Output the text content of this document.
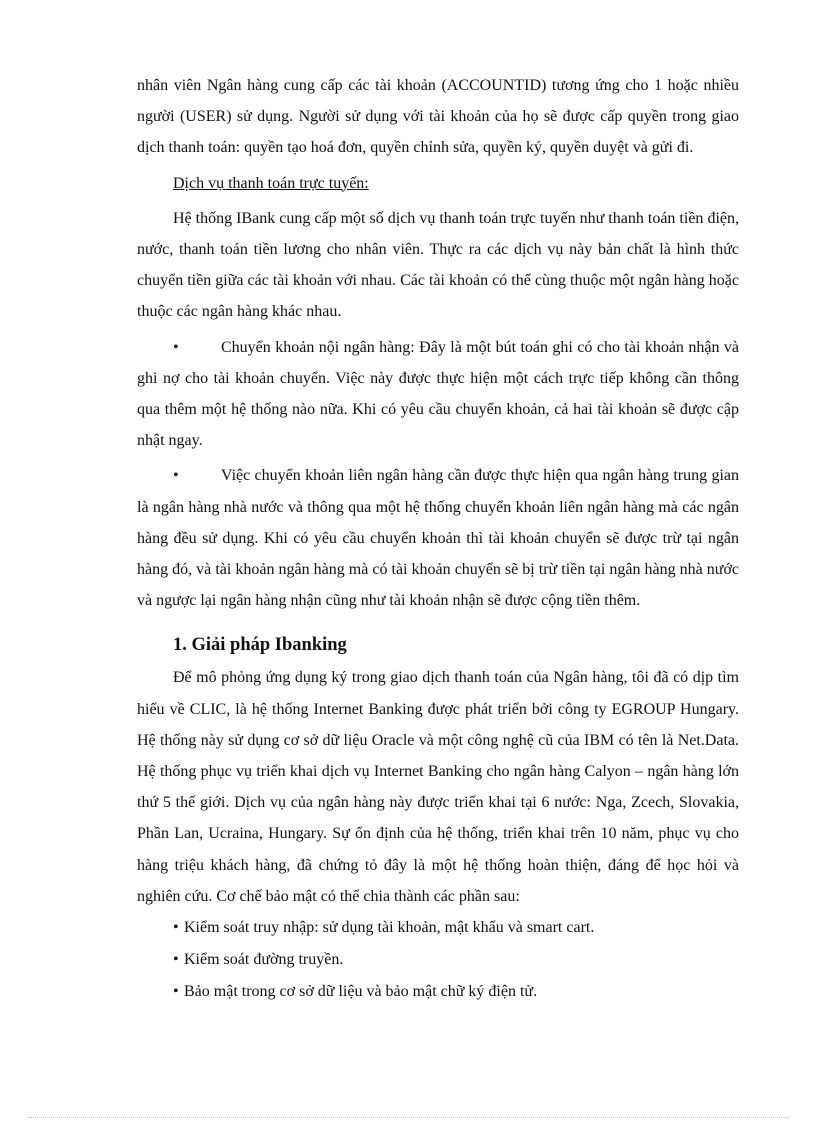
nhân viên Ngân hàng cung cấp các tài khoản (ACCOUNTID) tương ứng cho 1 hoặc nhiều người (USER) sử dụng. Người sử dụng với tài khoản của họ sẽ được cấp quyền trong giao dịch thanh toán: quyền tạo hoá đơn, quyền chỉnh sửa, quyền ký, quyền duyệt và gửi đi.

Dịch vụ thanh toán trực tuyến:

Hệ thống IBank cung cấp một số dịch vụ thanh toán trực tuyến như thanh toán tiền điện, nước, thanh toán tiền lương cho nhân viên. Thực ra các dịch vụ này bản chất là hình thức chuyển tiền giữa các tài khoản với nhau. Các tài khoản có thể cùng thuộc một ngân hàng hoặc thuộc các ngân hàng khác nhau.

•	Chuyển khoản nội ngân hàng: Đây là một bút toán ghi có cho tài khoản nhận và ghi nợ cho tài khoản chuyển. Việc này được thực hiện một cách trực tiếp không cần thông qua thêm một hệ thống nào nữa. Khi có yêu cầu chuyển khoản, cả hai tài khoản sẽ được cập nhật ngay.

•	Việc chuyển khoản liên ngân hàng cần được thực hiện qua ngân hàng trung gian là ngân hàng nhà nước và thông qua một hệ thống chuyển khoản liên ngân hàng mà các ngân hàng đều sử dụng. Khi có yêu cầu chuyển khoản thì tài khoản chuyển sẽ được trừ tại ngân hàng đó, và tài khoản ngân hàng mà có tài khoản chuyển sẽ bị trừ tiền tại ngân hàng nhà nước và ngược lại ngân hàng nhận cũng như tài khoản nhận sẽ được cộng tiền thêm.

1. Giải pháp Ibanking

Để mô phỏng ứng dụng ký trong giao dịch thanh toán của Ngân hàng, tôi đã có dịp tìm hiểu về CLIC, là hệ thống Internet Banking được phát triển bởi công ty EGROUP Hungary. Hệ thống này sử dụng cơ sở dữ liệu Oracle và một công nghệ cũ của IBM có tên là Net.Data. Hệ thống phục vụ triển khai dịch vụ Internet Banking cho ngân hàng Calyon – ngân hàng lớn thứ 5 thế giới. Dịch vụ của ngân hàng này được triển khai tại 6 nước: Nga, Zcech, Slovakia, Phần Lan, Ucraina, Hungary. Sự ổn định của hệ thống, triển khai trên 10 năm, phục vụ cho hàng triệu khách hàng, đã chứng tỏ đây là một hệ thống hoàn thiện, đáng để học hỏi và nghiên cứu. Cơ chế bảo mật có thể chia thành các phần sau:

• Kiểm soát truy nhập: sử dụng tài khoản, mật khẩu và smart cart.
• Kiểm soát đường truyền.
• Bảo mật trong cơ sở dữ liệu và bảo mật chữ ký điện tử.
